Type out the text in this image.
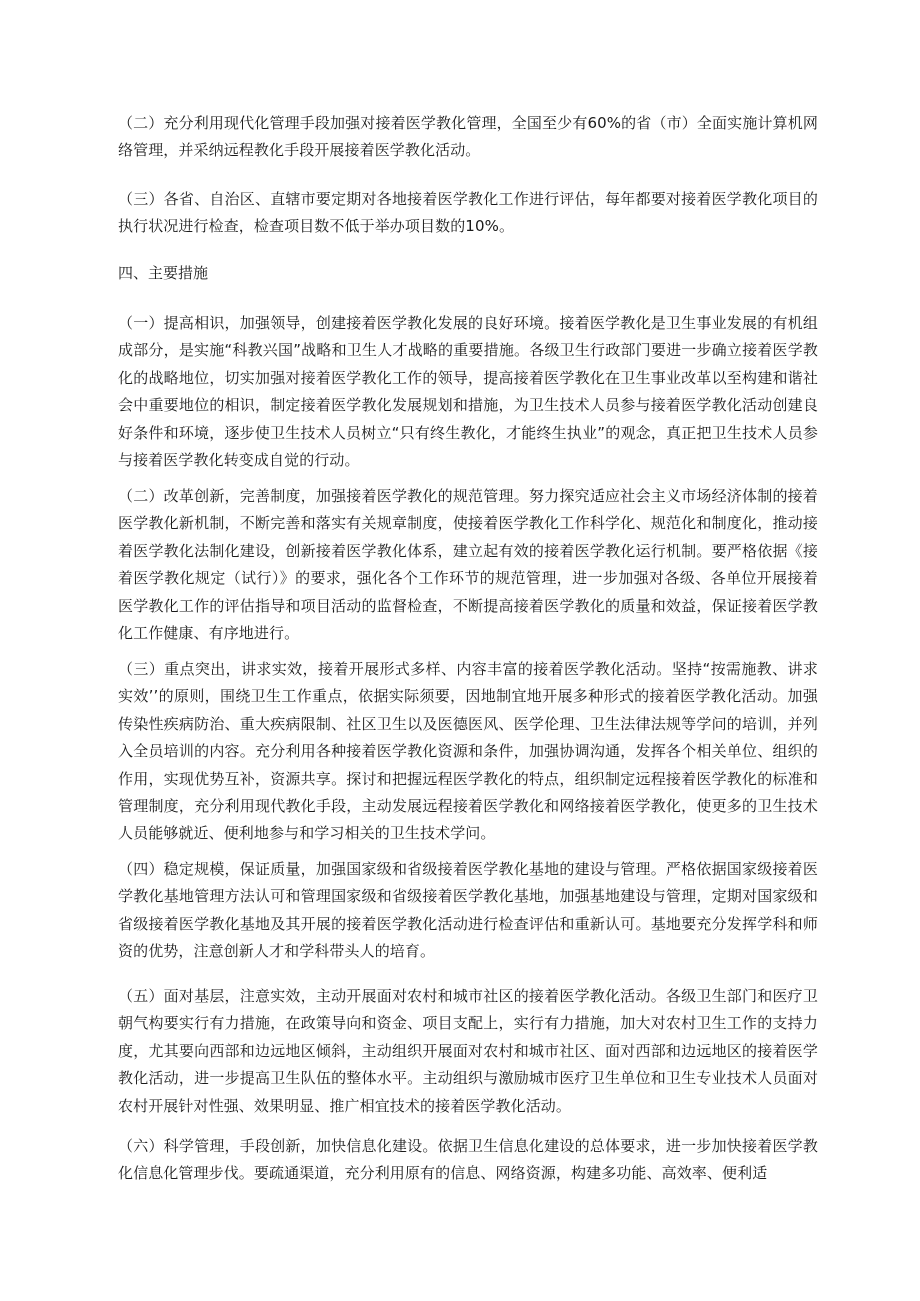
（二）充分利用现代化管理手段加强对接着医学教化管理，全国至少有60%的省（市）全面实施计算机网络管理，并采纳远程教化手段开展接着医学教化活动。

（三）各省、自治区、直辖市要定期对各地接着医学教化工作进行评估，每年都要对接着医学教化项目的执行状况进行检查，检查项目数不低于举办项目数的10%。

四、主要措施

（一）提高相识，加强领导，创建接着医学教化发展的良好环境。接着医学教化是卫生事业发展的有机组成部分，是实施“科教兴国”战略和卫生人才战略的重要措施。各级卫生行政部门要进一步确立接着医学教化的战略地位，切实加强对接着医学教化工作的领导，提高接着医学教化在卫生事业改革以至构建和谐社会中重要地位的相识，制定接着医学教化发展规划和措施，为卫生技术人员参与接着医学教化活动创建良好条件和环境，逐步使卫生技术人员树立“只有终生教化，才能终生执业”的观念，真正把卫生技术人员参与接着医学教化转变成自觉的行动。

（二）改革创新，完善制度，加强接着医学教化的规范管理。努力探究适应社会主义市场经济体制的接着医学教化新机制，不断完善和落实有关规章制度，使接着医学教化工作科学化、规范化和制度化，推动接着医学教化法制化建设，创新接着医学教化体系，建立起有效的接着医学教化运行机制。要严格依据《接着医学教化规定（试行）》的要求，强化各个工作环节的规范管理，进一步加强对各级、各单位开展接着医学教化工作的评估指导和项目活动的监督检查，不断提高接着医学教化的质量和效益，保证接着医学教化工作健康、有序地进行。

（三）重点突出，讲求实效，接着开展形式多样、内容丰富的接着医学教化活动。坚持“按需施教、讲求实效’’的原则，围绕卫生工作重点，依据实际须要，因地制宜地开展多种形式的接着医学教化活动。加强传染性疾病防治、重大疾病限制、社区卫生以及医德医风、医学伦理、卫生法律法规等学问的培训，并列入全员培训的内容。充分利用各种接着医学教化资源和条件，加强协调沟通，发挥各个相关单位、组织的作用，实现优势互补，资源共享。探讨和把握远程医学教化的特点，组织制定远程接着医学教化的标准和管理制度，充分利用现代教化手段，主动发展远程接着医学教化和网络接着医学教化，使更多的卫生技术人员能够就近、便利地参与和学习相关的卫生技术学问。

（四）稳定规模，保证质量，加强国家级和省级接着医学教化基地的建设与管理。严格依据国家级接着医学教化基地管理方法认可和管理国家级和省级接着医学教化基地，加强基地建设与管理，定期对国家级和省级接着医学教化基地及其开展的接着医学教化活动进行检查评估和重新认可。基地要充分发挥学科和师资的优势，注意创新人才和学科带头人的培育。

（五）面对基层，注意实效，主动开展面对农村和城市社区的接着医学教化活动。各级卫生部门和医疗卫朝气构要实行有力措施，在政策导向和资金、项目支配上，实行有力措施，加大对农村卫生工作的支持力度，尤其要向西部和边远地区倾斜，主动组织开展面对农村和城市社区、面对西部和边远地区的接着医学教化活动，进一步提高卫生队伍的整体水平。主动组织与激励城市医疗卫生单位和卫生专业技术人员面对农村开展针对性强、效果明显、推广相宜技术的接着医学教化活动。

（六）科学管理，手段创新，加快信息化建设。依据卫生信息化建设的总体要求，进一步加快接着医学教化信息化管理步伐。要疏通渠道，充分利用原有的信息、网络资源，构建多功能、高效率、便利适
